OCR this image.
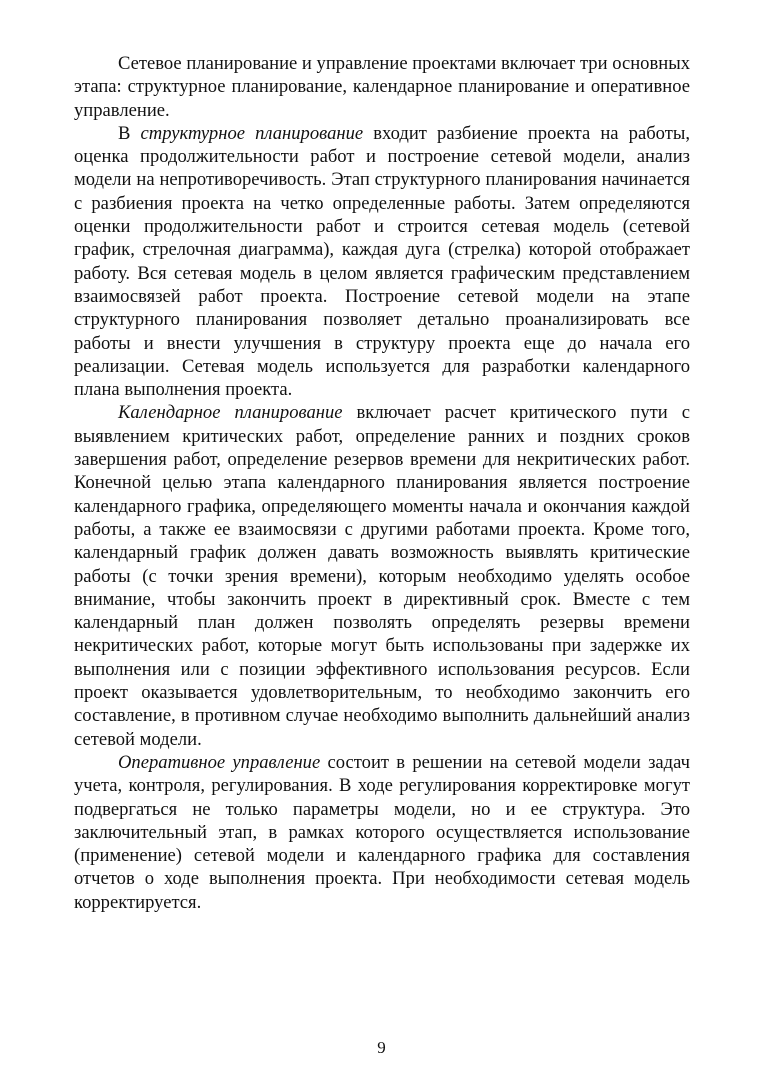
Сетевое планирование и управление проектами включает три основных этапа: структурное планирование, календарное планирование и оперативное управление.

В структурное планирование входит разбиение проекта на работы, оценка продолжительности работ и построение сетевой модели, анализ модели на непротиворечивость. Этап структурного планирования начинается с разбиения проекта на четко определенные работы. Затем определяются оценки продолжительности работ и строится сетевая модель (сетевой график, стрелочная диаграмма), каждая дуга (стрелка) которой отображает работу. Вся сетевая модель в целом является графическим представлением взаимосвязей работ проекта. Построение сетевой модели на этапе структурного планирования позволяет детально проанализировать все работы и внести улучшения в структуру проекта еще до начала его реализации. Сетевая модель используется для разработки календарного плана выполнения проекта.

Календарное планирование включает расчет критического пути с выявлением критических работ, определение ранних и поздних сроков завершения работ, определение резервов времени для некритических работ. Конечной целью этапа календарного планирования является построение календарного графика, определяющего моменты начала и окончания каждой работы, а также ее взаимосвязи с другими работами проекта. Кроме того, календарный график должен давать возможность выявлять критические работы (с точки зрения времени), которым необходимо уделять особое внимание, чтобы закончить проект в директивный срок. Вместе с тем календарный план должен позволять определять резервы времени некритических работ, которые могут быть использованы при задержке их выполнения или с позиции эффективного использования ресурсов. Если проект оказывается удовлетворительным, то необходимо закончить его составление, в противном случае необходимо выполнить дальнейший анализ сетевой модели.

Оперативное управление состоит в решении на сетевой модели задач учета, контроля, регулирования. В ходе регулирования корректировке могут подвергаться не только параметры модели, но и ее структура. Это заключительный этап, в рамках которого осуществляется использование (применение) сетевой модели и календарного графика для составления отчетов о ходе выполнения проекта. При необходимости сетевая модель корректируется.

9
